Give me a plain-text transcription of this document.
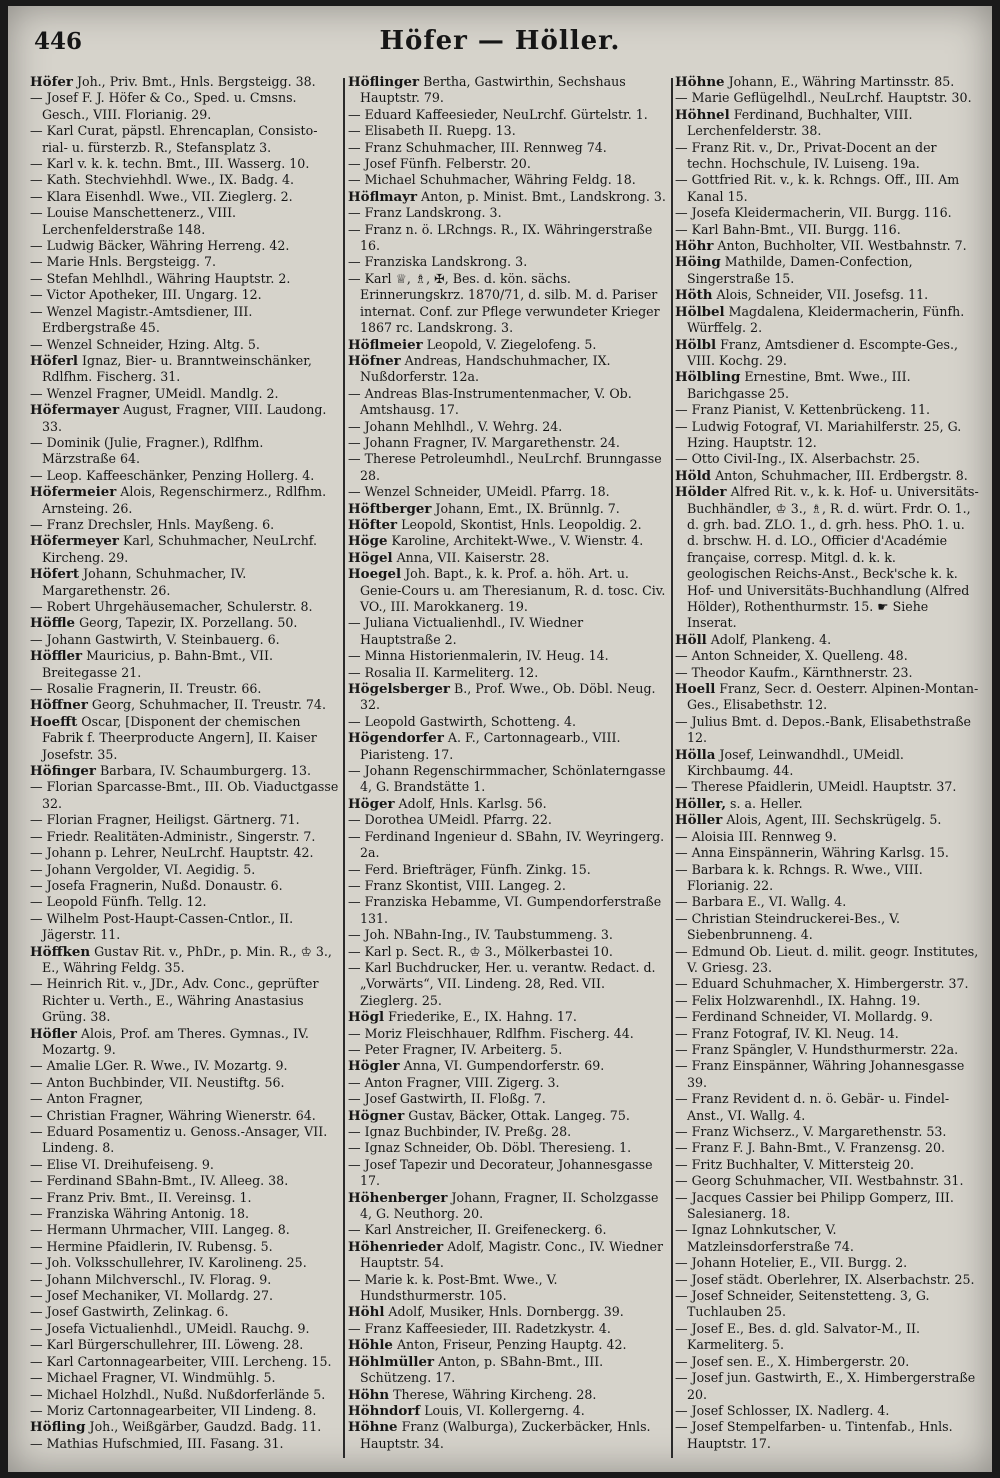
446	Höfer — Höller.
Höfer Joh., Priv. Bmt., Hnls. Bergsteigg. 38.
— Josef F. J. Höfer & Co., Sped. u. Cmsns. Gesch., VIII. Florianig. 29.
— Karl Curat, päpstl. Ehrencaplan, Consisto-rial- u. fürsterzb. R., Stefansplatz 3.
— Karl v. k. k. techn. Bmt., III. Wasserg. 10.
— Kath. Stechviehhdl. Wwe., IX. Badg. 4.
— Klara Eisenhdl. Wwe., VII. Zieglerg. 2.
— Louise Manschettenerz., VIII. Lerchenfelderstraße 148.
— Ludwig Bäcker, Währing Herreng. 42.
— Marie Hnls. Bergsteigg. 7.
— Stefan Mehlhdl., Währing Hauptstr. 2.
— Victor Apotheker, III. Ungarg. 12.
— Wenzel Magistr.-Amtsdiener, III. Erdbergstraße 45.
— Wenzel Schneider, Hzing. Altg. 5.
Höferl Ignaz, Bier- u. Branntweinschänker, Rdlfhm. Fischerg. 31.
— Wenzel Fragner, UMeidl. Mandlg. 2.
Höfermayer August, Fragner, VIII. Laudong. 33.
— Dominik (Julie, Fragner.), Rdlfhm. Märzstraße 64.
— Leop. Kaffeeschänker, Penzing Hollerg. 4.
Höfermeier Alois, Regenschirmerz., Rdlfhm. Arnsteing. 26.
— Franz Drechsler, Hnls. Mayßeng. 6.
Höfermeyer Karl, Schuhmacher, NeuLrchf. Kircheng. 29.
Höfert Johann, Schuhmacher, IV. Margarethenstr. 26.
— Robert Uhrgehäusemacher, Schulerstr. 8.
Höffle Georg, Tapezir, IX. Porzellang. 50.
— Johann Gastwirth, V. Steinbauerg. 6.
Höffler Mauricius, p. Bahn-Bmt., VII. Breitegasse 21.
— Rosalie Fragnerin, II. Treustr. 66.
Höffner Georg, Schuhmacher, II. Treustr. 74.
Hoefft Oscar, [Disponent der chemischen Fabrik f. Theerproducte Angern], II. Kaiser Josefstr. 35.
Höfinger Barbara, IV. Schaumburgerg. 13.
— Florian Sparcasse-Bmt., III. Ob. Viaductgasse 32.
— Florian Fragner, Heiligst. Gärtnerg. 71.
— Friedr. Realitäten-Administr., Singerstr. 7.
— Johann p. Lehrer, NeuLrchf. Hauptstr. 42.
— Johann Vergolder, VI. Aegidig. 5.
— Josefa Fragnerin, Nußd. Donaustr. 6.
— Leopold Fünfh. Tellg. 12.
— Wilhelm Post-Haupt-Cassen-Cntlor., II. Jägerstr. 11.
Höffken Gustav Rit. v., PhDr., p. Min. R., ♔ 3., E., Währing Feldg. 35.
— Heinrich Rit. v., JDr., Adv. Conc., geprüfter Richter u. Verth., E., Währing Anastasius Grüng. 38.
Höfler Alois, Prof. am Theres. Gymnas., IV. Mozartg. 9.
— Amalie LGer. R. Wwe., IV. Mozartg. 9.
— Anton Buchbinder, VII. Neustiftg. 56.
— Anton Fragner,
— Christian Fragner, Währing Wienerstr. 64.
— Eduard Posamentiz u. Genoss.-Ansager, VII. Lindeng. 8.
— Elise VI. Dreihufeiseng. 9.
— Ferdinand SBahn-Bmt., IV. Alleeg. 38.
— Franz Priv. Bmt., II. Vereinsg. 1.
— Franziska Währing Antonig. 18.
— Hermann Uhrmacher, VIII. Langeg. 8.
— Hermine Pfaidlerin, IV. Rubensg. 5.
— Joh. Volksschullehrer, IV. Karolineng. 25.
— Johann Milchverschl., IV. Florag. 9.
— Josef Mechaniker, VI. Mollardg. 27.
— Josef Gastwirth, Zelinkag. 6.
— Josefa Victualienhdl., UMeidl. Rauchg. 9.
— Karl Bürgerschullehrer, III. Löweng. 28.
— Karl Cartonnagearbeiter, VIII. Lercheng. 15.
— Michael Fragner, VI. Windmühlg. 5.
— Michael Holzhdl., Nußd. Nußdorferlände 5.
— Moriz Cartonnagearbeiter, VII Lindeng. 8.
Höfling Joh., Weißgärber, Gaudzd. Badg. 11.
— Mathias Hufschmied, III. Fasang. 31.
Höflinger Bertha, Gastwirthin, Sechshaus Hauptstr. 79.
— Eduard Kaffeesieder, NeuLrchf. Gürtelstr. 1.
— Elisabeth II. Ruepg. 13.
— Franz Schuhmacher, III. Rennweg 74.
— Josef Fünfh. Felberstr. 20.
— Michael Schuhmacher, Währing Feldg. 18.
Höflmayr Anton, p. Minist. Bmt., Landskrong. 3.
— Franz Landskrong. 3.
— Franz n. ö. LRchngs. R., IX. Währingerstraße 16.
— Franziska Landskrong. 3.
— Karl ♕, ♗, ✠, Bes. d. kön. sächs. Erinnerungskrz. 1870/71, d. silb. M. d. Pariser internat. Conf. zur Pflege verwundeter Krieger 1867 rc. Landskrong. 3.
Höflmeier Leopold, V. Ziegelofeng. 5.
Höfner Andreas, Handschuhmacher, IX. Nußdorferstr. 12a.
— Andreas Blas-Instrumentenmacher, V. Ob. Amtshausg. 17.
— Johann Mehlhdl., V. Wehrg. 24.
— Johann Fragner, IV. Margarethenstr. 24.
— Therese Petroleumhdl., NeuLrchf. Brunngasse 28.
— Wenzel Schneider, UMeidl. Pfarrg. 18.
Höftberger Johann, Emt., IX. Brünnlg. 7.
Höfter Leopold, Skontist, Hnls. Leopoldig. 2.
Höge Karoline, Architekt-Wwe., V. Wienstr. 4.
Högel Anna, VII. Kaiserstr. 28.
Hoegel Joh. Bapt., k. k. Prof. a. höh. Art. u. Genie-Cours u. am Theresianum, R. d. tosc. Civ. VO., III. Marokkanerg. 19.
— Juliana Victualienhdl., IV. Wiedner Hauptstraße 2.
— Minna Historienmalerin, IV. Heug. 14.
— Rosalia II. Karmeliterg. 12.
Högelsberger B., Prof. Wwe., Ob. Döbl. Neug. 32.
— Leopold Gastwirth, Schotteng. 4.
Högendorfer A. F., Cartonnagearb., VIII. Piaristeng. 17.
— Johann Regenschirmmacher, Schönlaterngasse 4, G. Brandstätte 1.
Höger Adolf, Hnls. Karlsg. 56.
— Dorothea UMeidl. Pfarrg. 22.
— Ferdinand Ingenieur d. SBahn, IV. Weyringerg. 2a.
— Ferd. Briefträger, Fünfh. Zinkg. 15.
— Franz Skontist, VIII. Langeg. 2.
— Franziska Hebamme, VI. Gumpendorferstraße 131.
— Joh. NBahn-Ing., IV. Taubstummeng. 3.
— Karl p. Sect. R., ♔ 3., Mölkerbastei 10.
— Karl Buchdrucker, Her. u. verantw. Redact. d. „Vorwärts“, VII. Lindeng. 28, Red. VII. Zieglerg. 25.
Högl Friederike, E., IX. Hahng. 17.
— Moriz Fleischhauer, Rdlfhm. Fischerg. 44.
— Peter Fragner, IV. Arbeiterg. 5.
Högler Anna, VI. Gumpendorferstr. 69.
— Anton Fragner, VIII. Zigerg. 3.
— Josef Gastwirth, II. Floßg. 7.
Högner Gustav, Bäcker, Ottak. Langeg. 75.
— Ignaz Buchbinder, IV. Preßg. 28.
— Ignaz Schneider, Ob. Döbl. Theresieng. 1.
— Josef Tapezir und Decorateur, Johannesgasse 17.
Höhenberger Johann, Fragner, II. Scholzgasse 4, G. Neuthorg. 20.
— Karl Anstreicher, II. Greifeneckerg. 6.
Höhenrieder Adolf, Magistr. Conc., IV. Wiedner Hauptstr. 54.
— Marie k. k. Post-Bmt. Wwe., V. Hundsthurmerstr. 105.
Höhl Adolf, Musiker, Hnls. Dornbergg. 39.
— Franz Kaffeesieder, III. Radetzkystr. 4.
Höhle Anton, Friseur, Penzing Hauptg. 42.
Höhlmüller Anton, p. SBahn-Bmt., III. Schützeng. 17.
Höhn Therese, Währing Kircheng. 28.
Höhndorf Louis, VI. Kollergerng. 4.
Höhne Franz (Walburga), Zuckerbäcker, Hnls. Hauptstr. 34.
Höhne Johann, E., Währing Martinsstr. 85.
— Marie Geflügelhdl., NeuLrchf. Hauptstr. 30.
Höhnel Ferdinand, Buchhalter, VIII. Lerchenfelderstr. 38.
— Franz Rit. v., Dr., Privat-Docent an der techn. Hochschule, IV. Luiseng. 19a.
— Gottfried Rit. v., k. k. Rchngs. Off., III. Am Kanal 15.
— Josefa Kleidermacherin, VII. Burgg. 116.
— Karl Bahn-Bmt., VII. Burgg. 116.
Höhr Anton, Buchholter, VII. Westbahnstr. 7.
Höing Mathilde, Damen-Confection, Singerstraße 15.
Höth Alois, Schneider, VII. Josefsg. 11.
Hölbel Magdalena, Kleidermacherin, Fünfh. Würffelg. 2.
Hölbl Franz, Amtsdiener d. Escompte-Ges., VIII. Kochg. 29.
Hölbling Ernestine, Bmt. Wwe., III. Barichgasse 25.
— Franz Pianist, V. Kettenbrückeng. 11.
— Ludwig Fotograf, VI. Mariahilferstr. 25, G. Hzing. Hauptstr. 12.
— Otto Civil-Ing., IX. Alserbachstr. 25.
Höld Anton, Schuhmacher, III. Erdbergstr. 8.
Hölder Alfred Rit. v., k. k. Hof- u. Universitäts-Buchhändler, ♔ 3., ♗, R. d. würt. Frdr. O. 1., d. grh. bad. ZLO. 1., d. grh. hess. PhO. 1. u. d. brschw. H. d. LO., Officier d'Académie française, corresp. Mitgl. d. k. k. geologischen Reichs-Anst., Beck'sche k. k. Hof- und Universitäts-Buchhandlung (Alfred Hölder), Rothenthurmstr. 15. ☛ Siehe Inserat.
Höll Adolf, Plankeng. 4.
— Anton Schneider, X. Quelleng. 48.
— Theodor Kaufm., Kärnthnerstr. 23.
Hoell Franz, Secr. d. Oesterr. Alpinen-Montan-Ges., Elisabethstr. 12.
— Julius Bmt. d. Depos.-Bank, Elisabethstraße 12.
Hölla Josef, Leinwandhdl., UMeidl. Kirchbaumg. 44.
— Therese Pfaidlerin, UMeidl. Hauptstr. 37.
Höller, s. a. Heller.
Höller Alois, Agent, III. Sechskrügelg. 5.
— Aloisia III. Rennweg 9.
— Anna Einspännerin, Währing Karlsg. 15.
— Barbara k. k. Rchngs. R. Wwe., VIII. Florianig. 22.
— Barbara E., VI. Wallg. 4.
— Christian Steindruckerei-Bes., V. Siebenbrunneng. 4.
— Edmund Ob. Lieut. d. milit. geogr. Institutes, V. Griesg. 23.
— Eduard Schuhmacher, X. Himbergerstr. 37.
— Felix Holzwarenhdl., IX. Hahng. 19.
— Ferdinand Schneider, VI. Mollardg. 9.
— Franz Fotograf, IV. Kl. Neug. 14.
— Franz Spängler, V. Hundsthurmerstr. 22a.
— Franz Einspänner, Währing Johannesgasse 39.
— Franz Revident d. n. ö. Gebär- u. Findel-Anst., VI. Wallg. 4.
— Franz Wichserz., V. Margarethenstr. 53.
— Franz F. J. Bahn-Bmt., V. Franzensg. 20.
— Fritz Buchhalter, V. Mittersteig 20.
— Georg Schuhmacher, VII. Westbahnstr. 31.
— Jacques Cassier bei Philipp Gomperz, III. Salesianerg. 18.
— Ignaz Lohnkutscher, V. Matzleinsdorferstraße 74.
— Johann Hotelier, E., VII. Burgg. 2.
— Josef städt. Oberlehrer, IX. Alserbachstr. 25.
— Josef Schneider, Seitenstetteng. 3, G. Tuchlauben 25.
— Josef E., Bes. d. gld. Salvator-M., II. Karmeliterg. 5.
— Josef sen. E., X. Himbergerstr. 20.
— Josef jun. Gastwirth, E., X. Himbergerstraße 20.
— Josef Schlosser, IX. Nadlerg. 4.
— Josef Stempelfarben- u. Tintenfab., Hnls. Hauptstr. 17.
